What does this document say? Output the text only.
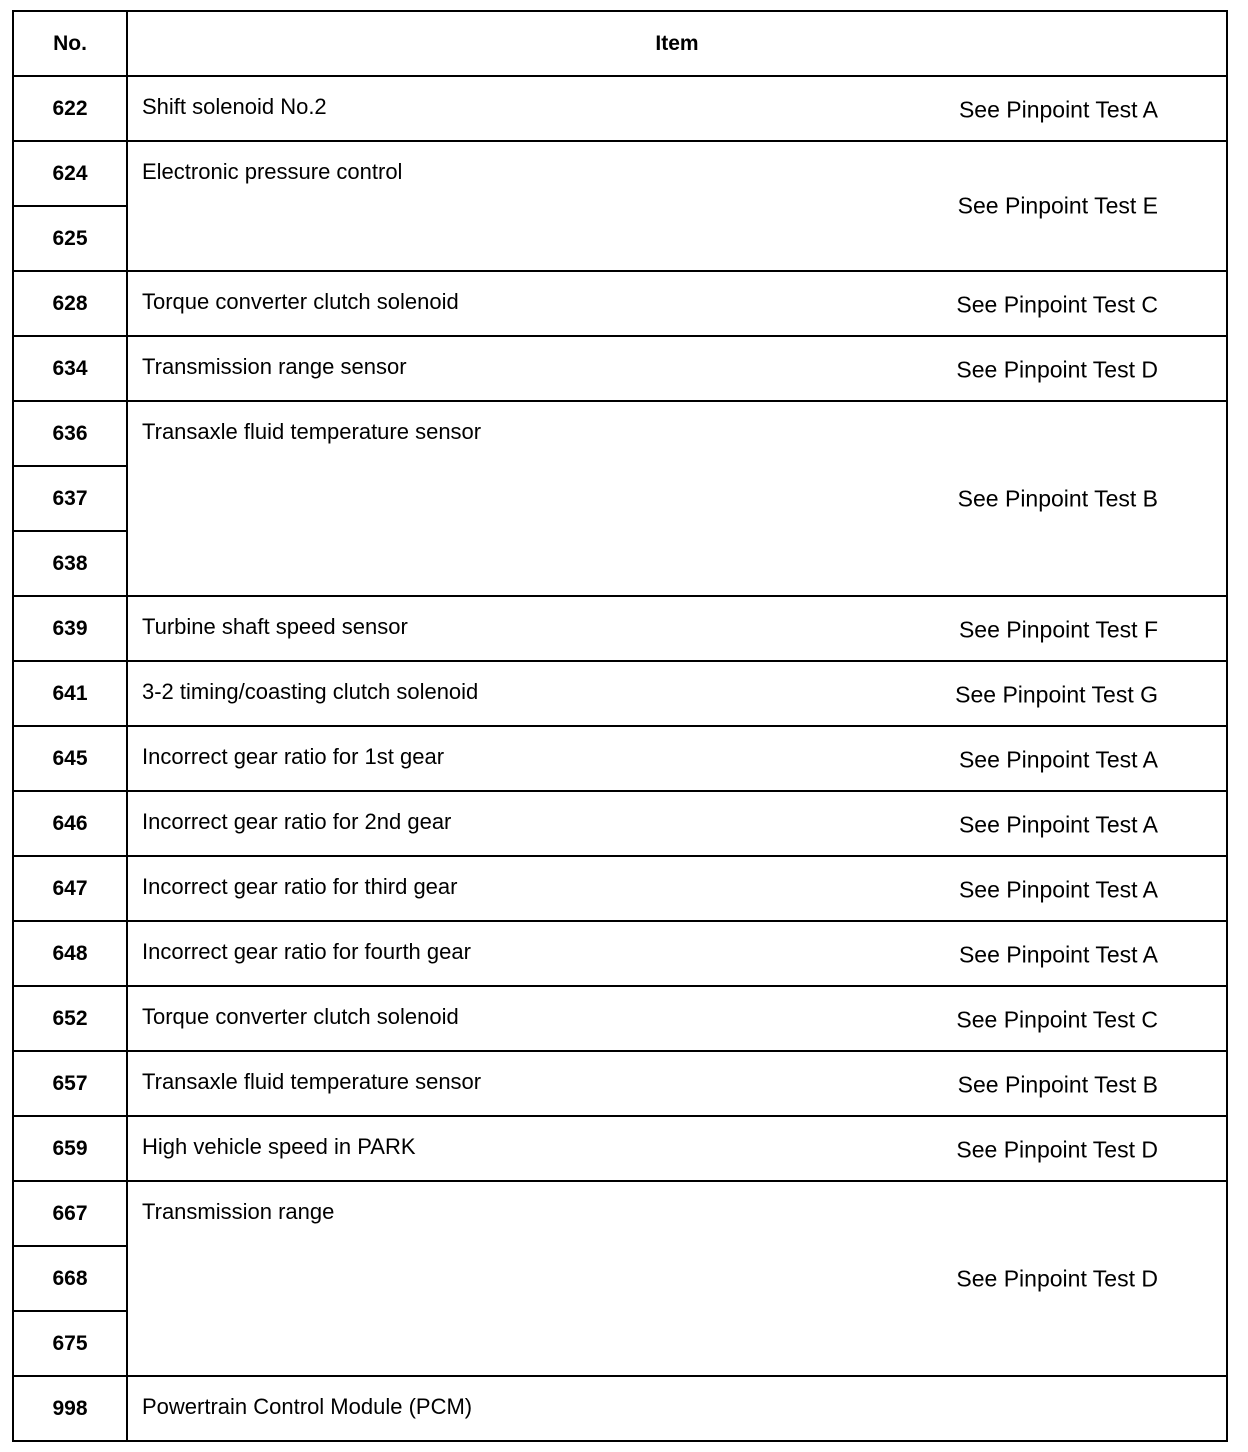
No.	Item
622	Shift solenoid No.2 See Pinpoint Test A

624	Electronic pressure control
See Pinpoint Test E

625	
628	Torque converter clutch solenoid See Pinpoint Test C

634	Transmission range sensor See Pinpoint Test D

636	Transaxle fluid temperature sensor
See Pinpoint Test B

637	
638	
639	Turbine shaft speed sensor See Pinpoint Test F

641	3-2 timing/coasting clutch solenoid See Pinpoint Test G

645	Incorrect gear ratio for 1st gear See Pinpoint Test A

646	Incorrect gear ratio for 2nd gear See Pinpoint Test A

647	Incorrect gear ratio for third gear See Pinpoint Test A

648	Incorrect gear ratio for fourth gear See Pinpoint Test A

652	Torque converter clutch solenoid See Pinpoint Test C

657	Transaxle fluid temperature sensor See Pinpoint Test B

659	High vehicle speed in PARK See Pinpoint Test D

667	Transmission range
See Pinpoint Test D

668	
675	
998	Powertrain Control Module (PCM)
